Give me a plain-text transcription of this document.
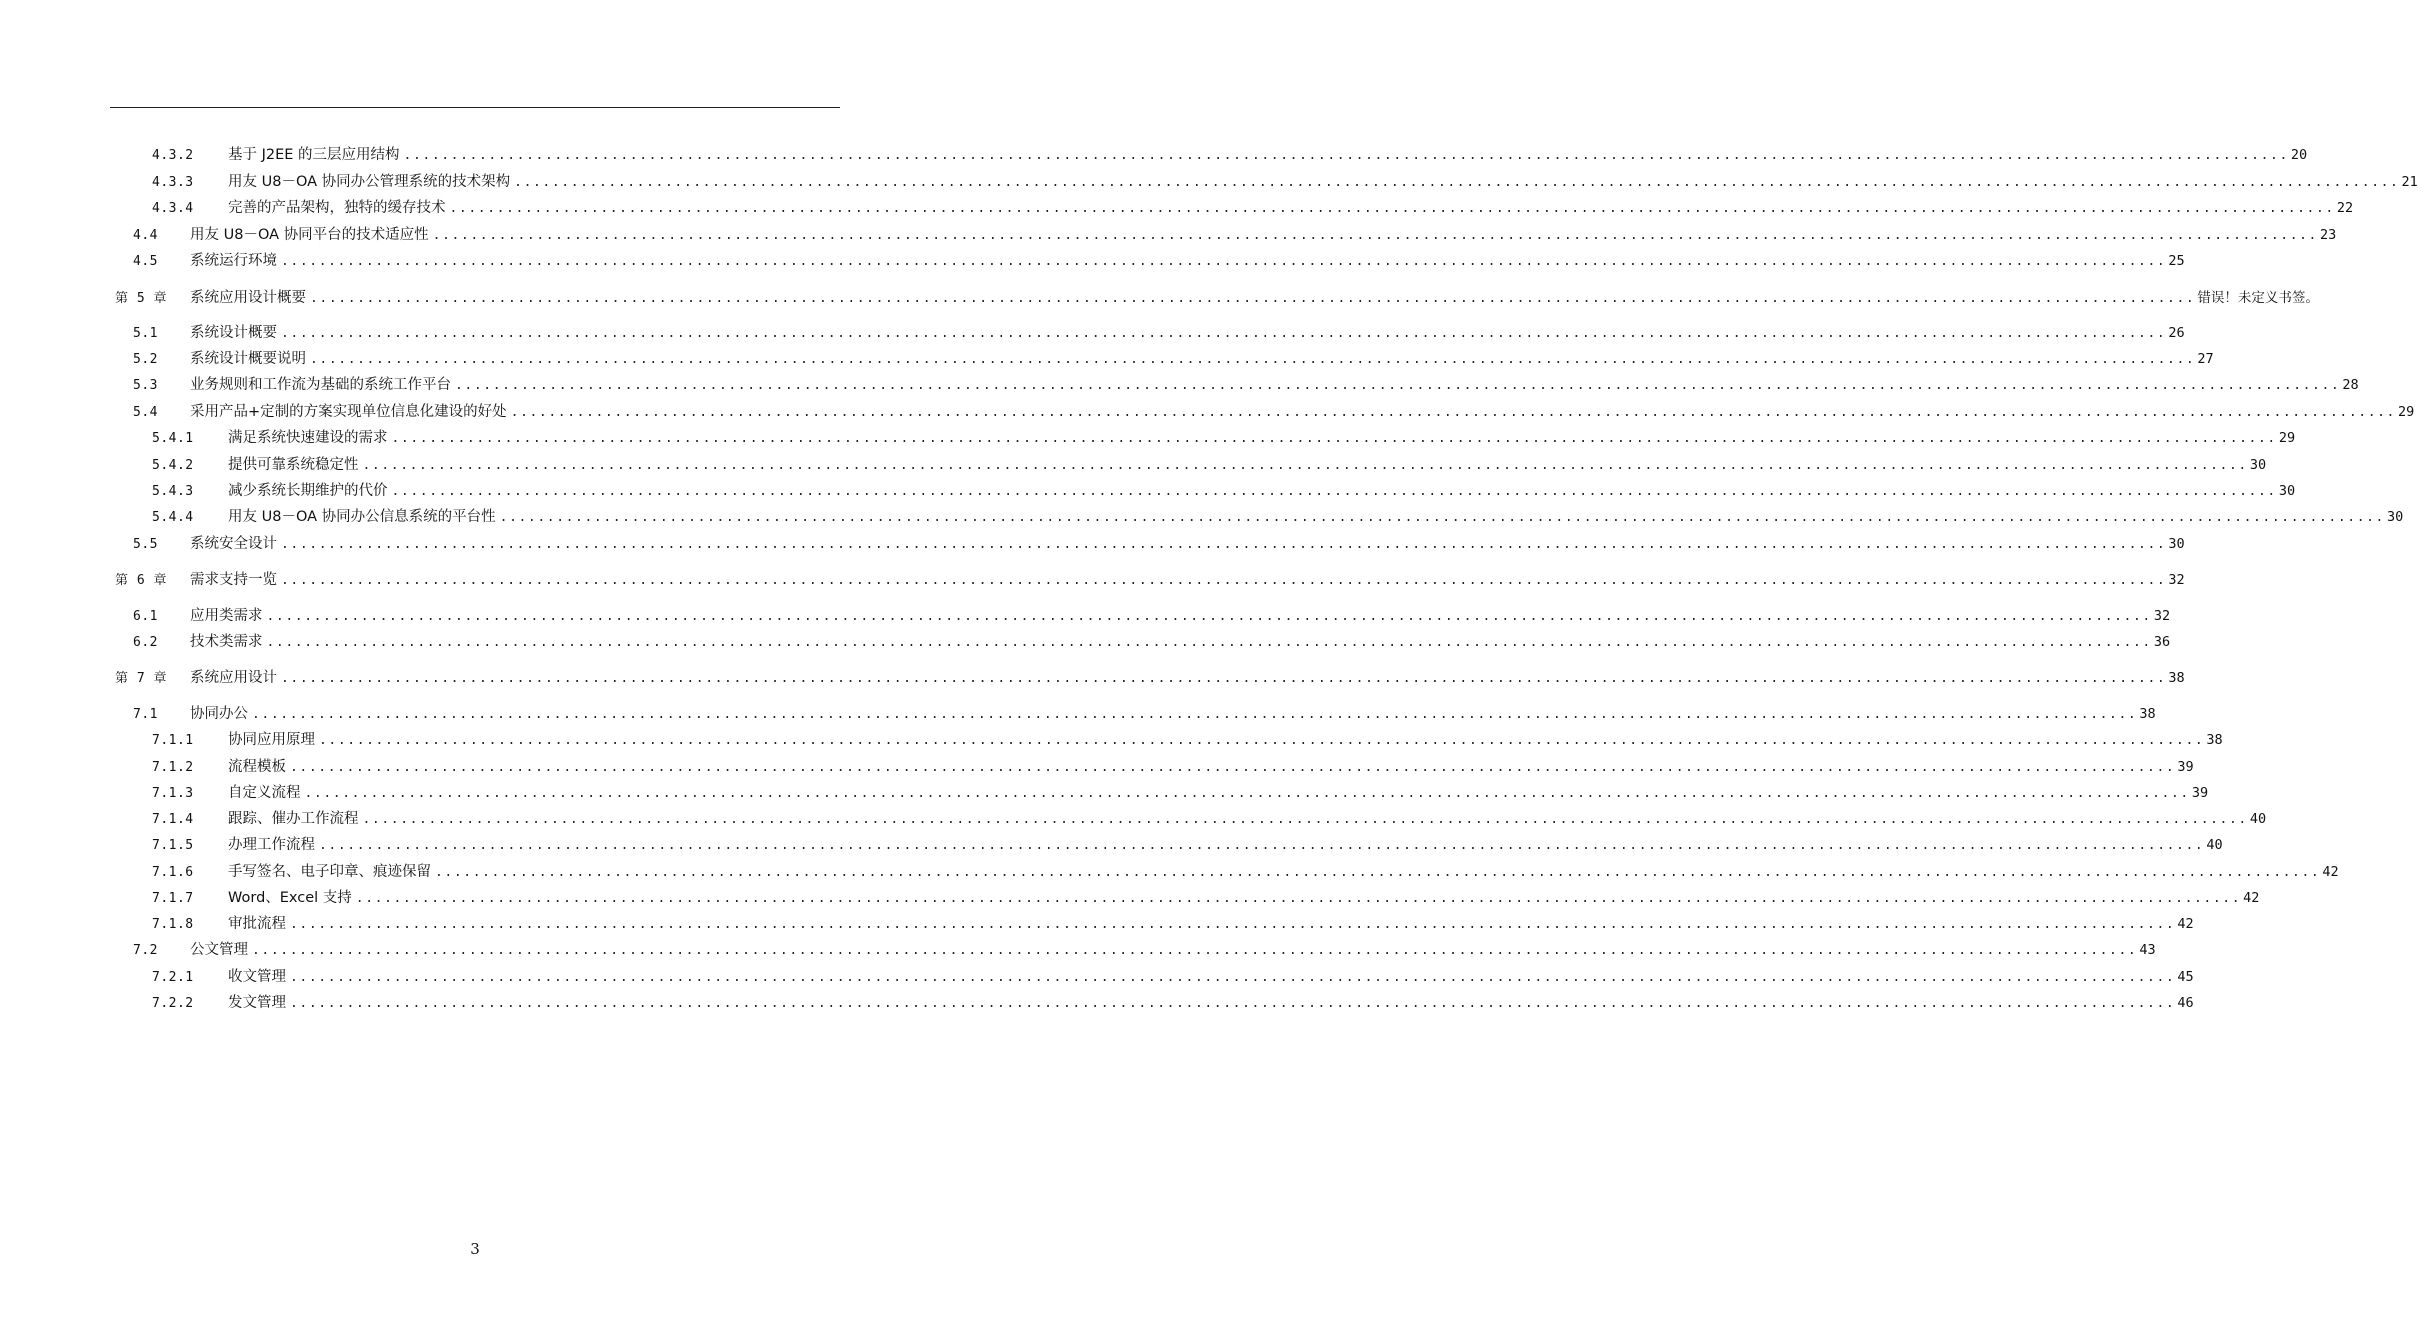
4.3.2	基于 J2EE 的三层应用结构 ........................................................................................................................................................................................................ 20
4.3.3	用友 U8－OA 协同办公管理系统的技术架构 ........................................................................................................................................................................................................ 21
4.3.4	完善的产品架构，独特的缓存技术 ........................................................................................................................................................................................................ 22
4.4	用友 U8－OA 协同平台的技术适应性 ........................................................................................................................................................................................................ 23
4.5	系统运行环境 ........................................................................................................................................................................................................ 25
第 5 章	系统应用设计概要 ........................................................................................................................................................................................................ 错误！未定义书签。
5.1	系统设计概要 ........................................................................................................................................................................................................ 26
5.2	系统设计概要说明 ........................................................................................................................................................................................................ 27
5.3	业务规则和工作流为基础的系统工作平台 ........................................................................................................................................................................................................ 28
5.4	采用产品+定制的方案实现单位信息化建设的好处 ........................................................................................................................................................................................................ 29
5.4.1	满足系统快速建设的需求 ........................................................................................................................................................................................................ 29
5.4.2	提供可靠系统稳定性 ........................................................................................................................................................................................................ 30
5.4.3	减少系统长期维护的代价 ........................................................................................................................................................................................................ 30
5.4.4	用友 U8－OA 协同办公信息系统的平台性 ........................................................................................................................................................................................................ 30
5.5	系统安全设计 ........................................................................................................................................................................................................ 30
第 6 章	需求支持一览 ........................................................................................................................................................................................................ 32
6.1	应用类需求 ........................................................................................................................................................................................................ 32
6.2	技术类需求 ........................................................................................................................................................................................................ 36
第 7 章	系统应用设计 ........................................................................................................................................................................................................ 38
7.1	协同办公 ........................................................................................................................................................................................................ 38
7.1.1	协同应用原理 ........................................................................................................................................................................................................ 38
7.1.2	流程模板 ........................................................................................................................................................................................................ 39
7.1.3	自定义流程 ........................................................................................................................................................................................................ 39
7.1.4	跟踪、催办工作流程 ........................................................................................................................................................................................................ 40
7.1.5	办理工作流程 ........................................................................................................................................................................................................ 40
7.1.6	手写签名、电子印章、痕迹保留 ........................................................................................................................................................................................................ 42
7.1.7	Word、Excel 支持 ........................................................................................................................................................................................................ 42
7.1.8	审批流程 ........................................................................................................................................................................................................ 42
7.2	公文管理 ........................................................................................................................................................................................................ 43
7.2.1	收文管理 ........................................................................................................................................................................................................ 45
7.2.2	发文管理 ........................................................................................................................................................................................................ 46
3
